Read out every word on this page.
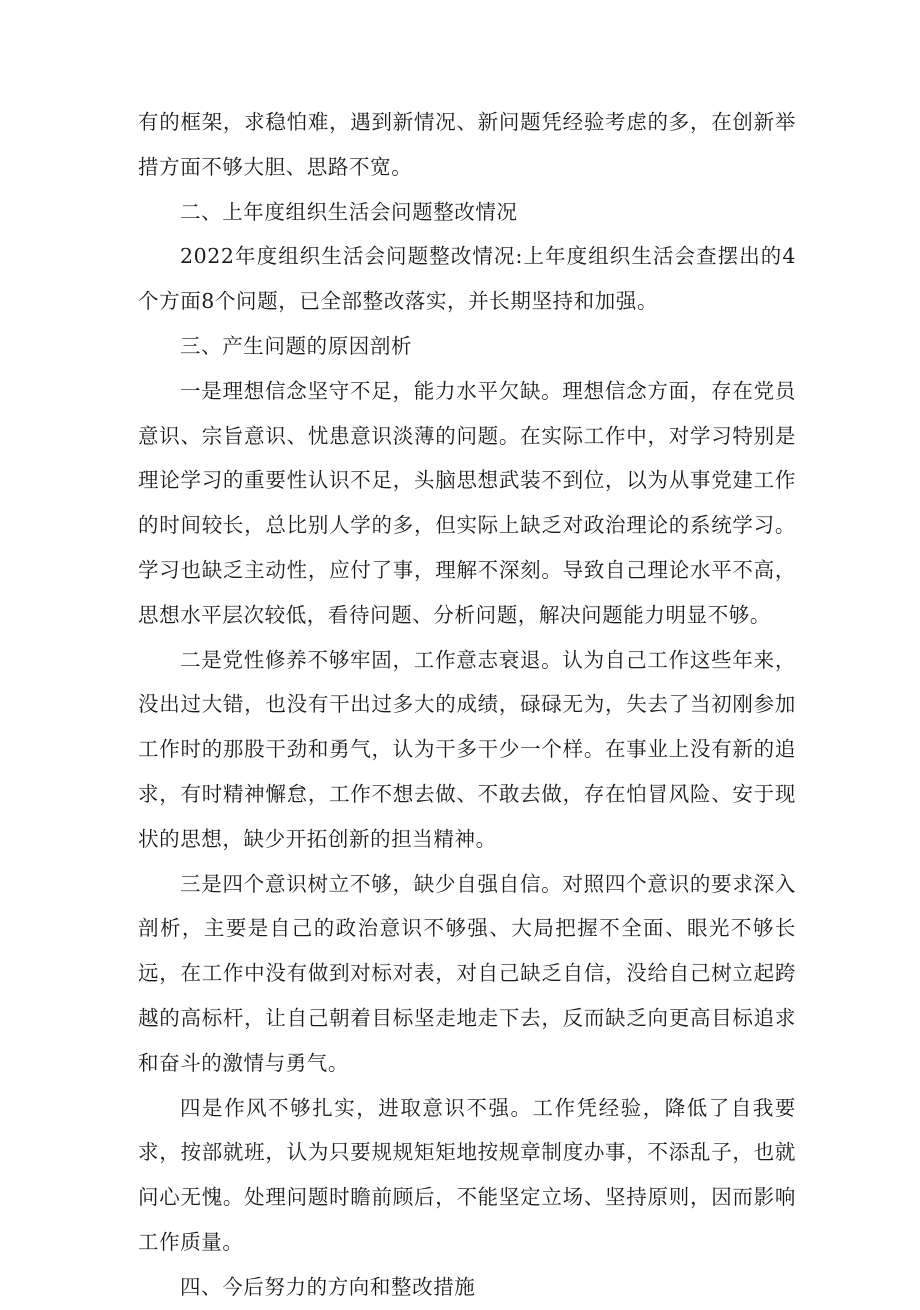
有的框架，求稳怕难，遇到新情况、新问题凭经验考虑的多，在创新举措方面不够大胆、思路不宽。

二、上年度组织生活会问题整改情况

2022年度组织生活会问题整改情况:上年度组织生活会查摆出的4个方面8个问题，已全部整改落实，并长期坚持和加强。

三、产生问题的原因剖析

一是理想信念坚守不足，能力水平欠缺。理想信念方面，存在党员意识、宗旨意识、忧患意识淡薄的问题。在实际工作中，对学习特别是理论学习的重要性认识不足，头脑思想武装不到位，以为从事党建工作的时间较长，总比别人学的多，但实际上缺乏对政治理论的系统学习。学习也缺乏主动性，应付了事，理解不深刻。导致自己理论水平不高，思想水平层次较低，看待问题、分析问题，解决问题能力明显不够。

二是党性修养不够牢固，工作意志衰退。认为自己工作这些年来，没出过大错，也没有干出过多大的成绩，碌碌无为，失去了当初刚参加工作时的那股干劲和勇气，认为干多干少一个样。在事业上没有新的追求，有时精神懈怠，工作不想去做、不敢去做，存在怕冒风险、安于现状的思想，缺少开拓创新的担当精神。

三是四个意识树立不够，缺少自强自信。对照四个意识的要求深入剖析，主要是自己的政治意识不够强、大局把握不全面、眼光不够长远，在工作中没有做到对标对表，对自己缺乏自信，没给自己树立起跨越的高标杆，让自己朝着目标坚走地走下去，反而缺乏向更高目标追求和奋斗的激情与勇气。

四是作风不够扎实，进取意识不强。工作凭经验，降低了自我要求，按部就班，认为只要规规矩矩地按规章制度办事，不添乱子，也就问心无愧。处理问题时瞻前顾后，不能坚定立场、坚持原则，因而影响工作质量。

四、今后努力的方向和整改措施
